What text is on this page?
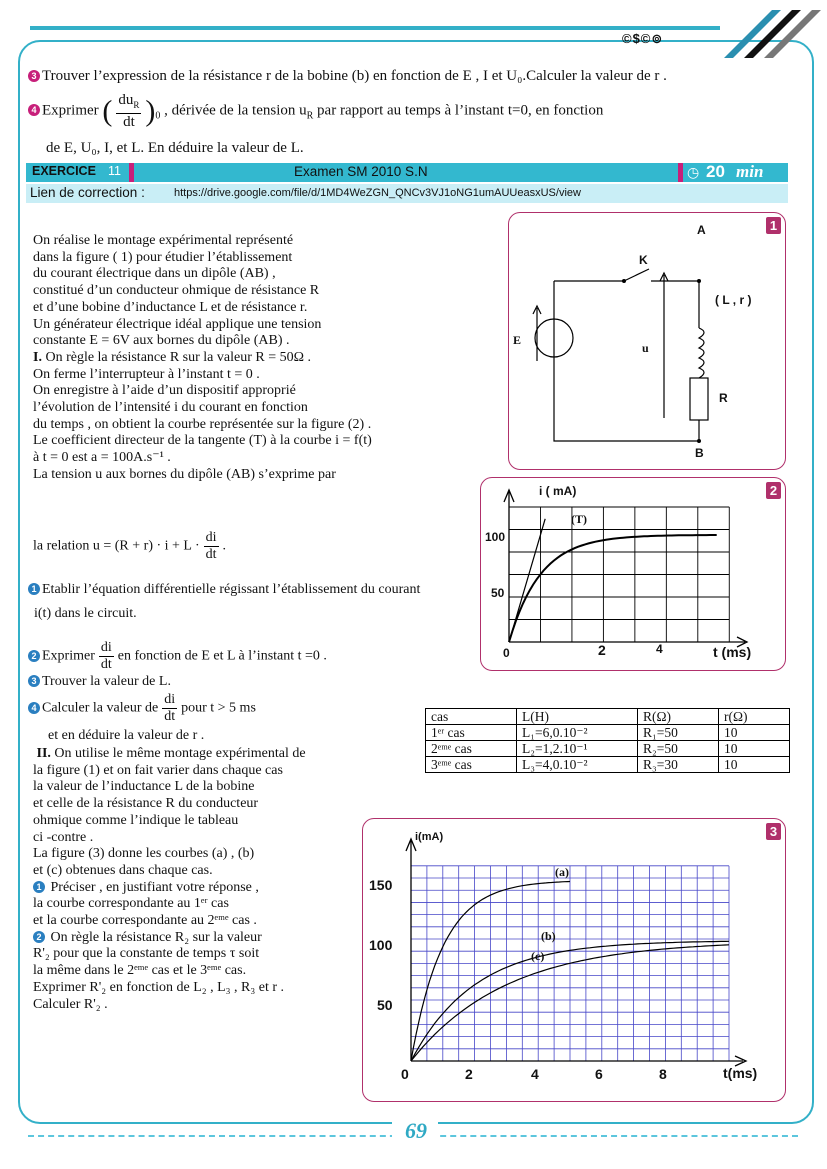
©$©⊚
3 Trouver l’expression de la résistance r de la bobine (b) en fonction de E , I et U₀.Calculer la valeur de r .
4 Exprimer ( $\frac{du_R}{dt} )_0$ , dérivée de la tension $u_R$ par rapport au temps à l’instant t=0, en fonction
de E, U₀, I, et L. En déduire la valeur de L.
EXERCICE 11	Examen SM 2010 S.N	◷ 20 min
Lien de correction :	https://drive.google.com/file/d/1MD4WeZGN_QNCv3VJ1oNG1umAUUeasxUS/view
On réalise le montage expérimental représenté
dans la figure ( 1) pour étudier l’établissement
du courant électrique dans un dipôle (AB) ,
constitué d’un conducteur ohmique de résistance R
et d’une bobine d’inductance L et de résistance r.
Un générateur électrique idéal applique une tension
constante E = 6V aux bornes du dipôle (AB) .
I. On règle la résistance R sur la valeur R = 50Ω .
On ferme l’interrupteur à l’instant t = 0 .
On enregistre à l’aide d’un dispositif approprié
l’évolution de l’intensité i du courant en fonction
du temps , on obtient la courbe représentée sur la figure (2) .
Le coefficient directeur de la tangente (T) à la courbe i = f(t)
à t = 0 est a = 100A.s⁻¹ .
La tension u aux bornes du dipôle (AB) s’exprime par
la relation $u = (R + r) \cdot i + L \cdot \frac{di}{dt}$ .
1 Etablir l’équation différentielle régissant l’établissement du courant
i(t) dans le circuit.
2 Exprimer $\frac{di}{dt}$ en fonction de E et L à l’instant t =0 .
3 Trouver la valeur de L.
4 Calculer la valeur de $\frac{di}{dt}$ pour t > 5 ms
et en déduire la valeur de r .
II. On utilise le même montage expérimental de
la figure (1) et on fait varier dans chaque cas
la valeur de l’inductance L de la bobine
et celle de la résistance R du conducteur
ohmique comme l’indique le tableau
ci -contre .
La figure (3) donne les courbes (a) , (b)
et (c) obtenues dans chaque cas.
1 Préciser , en justifiant votre réponse ,
la courbe correspondante au 1ᵉʳ cas
et la courbe correspondante au 2ᵉᵐᵉ cas .
2 On règle la résistance R₂ sur la valeur
R'₂ pour que la constante de temps τ soit
la même dans le 2ᵉᵐᵉ cas et le 3ᵉᵐᵉ cas.
Exprimer R'₂ en fonction de L₂ , L₃ , R₃ et r .
Calculer R'₂ .
cas	L(H)	R(Ω)	r(Ω)
1ᵉʳ cas	L₁=6,0.10⁻²	R₁=50	10
2ᵉᵐᵉ cas	L₂=1,2.10⁻¹	R₂=50	10
3ᵉᵐᵉ cas	L₃=4,0.10⁻²	R₃=30	10
1
K
A
B
E
u
( L , r )
R
2
i ( mA)
t (ms)
(T)
100
50
0	2	4
3
i(mA)
t(ms)
150
100
50
0	2	4	6	8
(a)
(b)
(c)
69
